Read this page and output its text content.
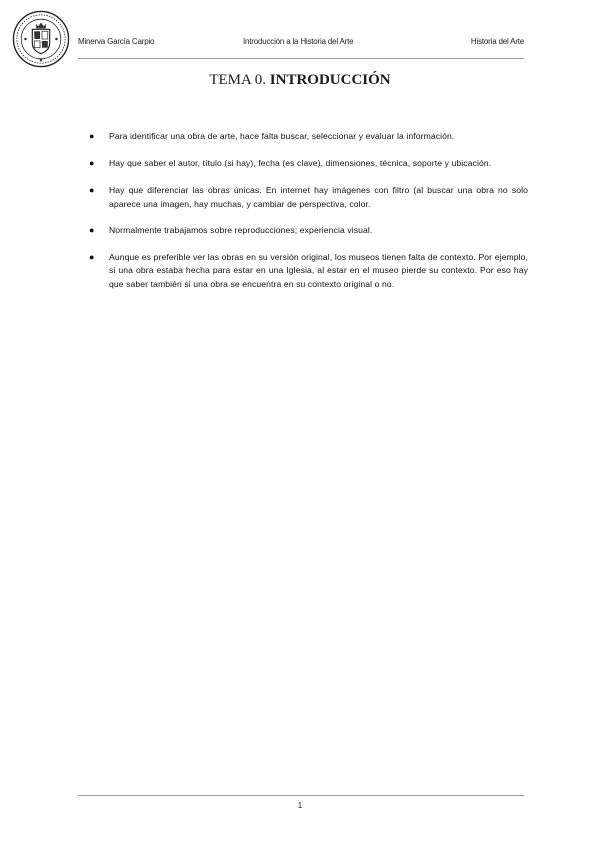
Minerva García Carpio	Introducción a la Historia del Arte	Historia del Arte
TEMA 0. INTRODUCCIÓN
● Para identificar una obra de arte, hace falta buscar, seleccionar y evaluar la información.
● Hay que saber el autor, título (si hay), fecha (es clave), dimensiones, técnica, soporte y ubicación.
● Hay que diferenciar las obras únicas. En internet hay imágenes con filtro (al buscar una obra no solo aparece una imagen, hay muchas, y cambiar de perspectiva, color.
● Normalmente trabajamos sobre reproducciones; experiencia visual.
● Aunque es preferible ver las obras en su versión original, los museos tienen falta de contexto. Por ejemplo, si una obra estaba hecha para estar en una Iglesia, al estar en el museo pierde su contexto. Por eso hay que saber también si una obra se encuentra en su contexto original o no.
1
